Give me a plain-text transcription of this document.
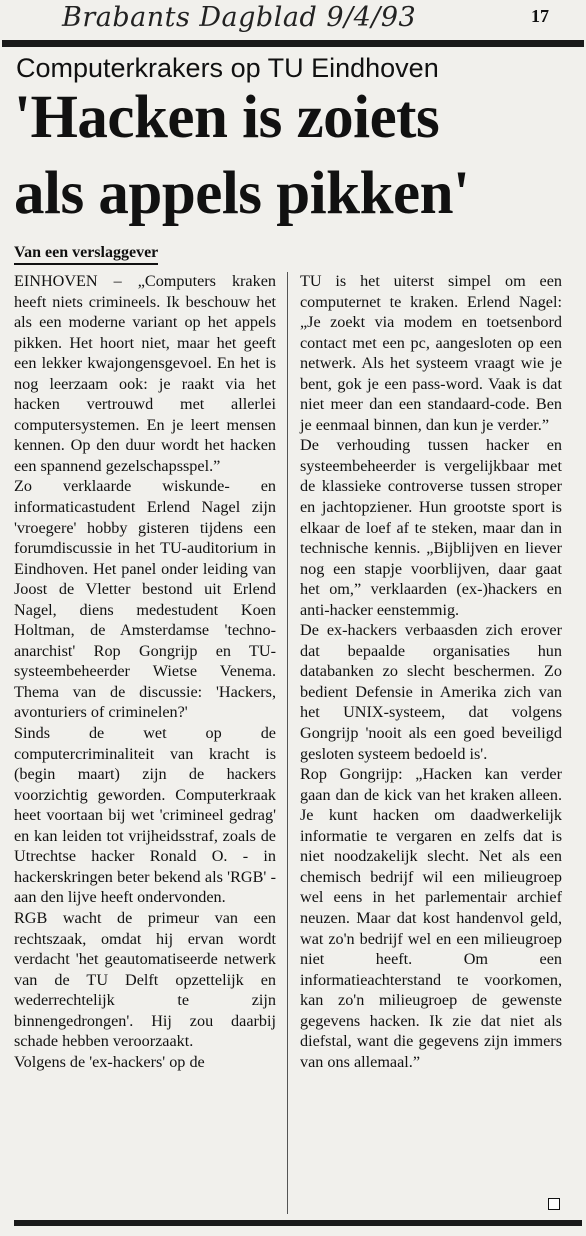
Brabants Dagblad 9/4/93	17
Computerkrakers op TU Eindhoven
'Hacken is zoiets
als appels pikken'
Van een verslaggever

EINHOVEN – „Computers kraken heeft niets crimineels. Ik beschouw het als een moderne variant op het appels pikken. Het hoort niet, maar het geeft een lekker kwajongensgevoel. En het is nog leerzaam ook: je raakt via het hacken vertrouwd met allerlei computersystemen. En je leert mensen kennen. Op den duur wordt het hacken een spannend gezelschapsspel.”

Zo verklaarde wiskunde- en informaticastudent Erlend Nagel zijn 'vroegere' hobby gisteren tijdens een forumdiscussie in het TU-auditorium in Eindhoven. Het panel onder leiding van Joost de Vletter bestond uit Erlend Nagel, diens medestudent Koen Holtman, de Amsterdamse 'techno-anarchist' Rop Gongrijp en TU-systeembeheerder Wietse Venema. Thema van de discussie: 'Hackers, avonturiers of criminelen?'

Sinds de wet op de computercriminaliteit van kracht is (begin maart) zijn de hackers voorzichtig geworden. Computerkraak heet voortaan bij wet 'crimineel gedrag' en kan leiden tot vrijheidsstraf, zoals de Utrechtse hacker Ronald O. - in hackerskringen beter bekend als 'RGB' - aan den lijve heeft ondervonden.

RGB wacht de primeur van een rechtszaak, omdat hij ervan wordt verdacht 'het geautomatiseerde netwerk van de TU Delft opzettelijk en wederrechtelijk te zijn binnengedrongen'. Hij zou daarbij schade hebben veroorzaakt.

Volgens de 'ex-hackers' op de

TU is het uiterst simpel om een computernet te kraken. Erlend Nagel: „Je zoekt via modem en toetsenbord contact met een pc, aangesloten op een netwerk. Als het systeem vraagt wie je bent, gok je een pass-word. Vaak is dat niet meer dan een standaard-code. Ben je eenmaal binnen, dan kun je verder.”

De verhouding tussen hacker en systeembeheerder is vergelijkbaar met de klassieke controverse tussen stroper en jachtopziener. Hun grootste sport is elkaar de loef af te steken, maar dan in technische kennis. „Bijblijven en liever nog een stapje voorblijven, daar gaat het om,” verklaarden (ex-)hackers en anti-hacker eenstemmig.

De ex-hackers verbaasden zich erover dat bepaalde organisaties hun databanken zo slecht beschermen. Zo bedient Defensie in Amerika zich van het UNIX-systeem, dat volgens Gongrijp 'nooit als een goed beveiligd gesloten systeem bedoeld is'.

Rop Gongrijp: „Hacken kan verder gaan dan de kick van het kraken alleen. Je kunt hacken om daadwerkelijk informatie te vergaren en zelfs dat is niet noodzakelijk slecht. Net als een chemisch bedrijf wil een milieugroep wel eens in het parlementair archief neuzen. Maar dat kost handenvol geld, wat zo'n bedrijf wel en een milieugroep niet heeft. Om een informatieachterstand te voorkomen, kan zo'n milieugroep de gewenste gegevens hacken. Ik zie dat niet als diefstal, want die gegevens zijn immers van ons allemaal.”
